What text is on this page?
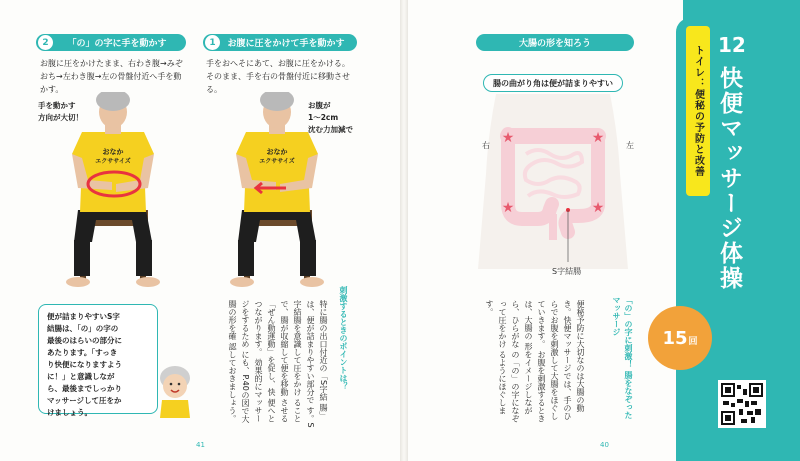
2	「の」の字に手を動かす
お腹に圧をかけたまま、右わき腹→みぞ
おち→左わき腹→左の骨盤付近へ手を動
かす。
1	お腹に圧をかけて手を動かす
手をおへそにあて、お腹に圧をかける。
そのまま、手を右の骨盤付近に移動させ
る。
おなか
エクササイズ
手を動かす
方向が大切！
おなか
エクササイズ
お腹が
1〜2cm
沈む力加減で
便が詰まりやすいS字
結腸は、「の」の字の
最後のはらいの部分に
あたります。「すっき
り快便になりますよう
に！」と意識しなが
ら、最後までしっかり
マッサージして圧をか
けましょう。
刺激するときのポイントは？
特に腸の出口付近の「S字結 腸」は、便が詰まりやすい部分で す。S字結腸を意識して圧をかけ ることで、腸が収縮して便を移動 させる「ぜん動運動」を促し、快 便へとつながります。 効果的にマッサージをするため にも、P.40の図で大腸の形を確 認しておきましょう。
41
大腸の形を知ろう
腸の曲がり角は便が詰まりやすい
★	★
★	★
右	左
S字結腸
「の」の字に刺激！ 腸をなぞったマッサージ
便秘予防に大切なのは大腸の動 き。快便マッサージでは、手のひ らでお腹を刺激して大腸をほぐし ていきます。 お腹を刺激するときは、大腸の 形をイメージしながら、ひらがな の「の」の字になぞって圧をかけ るようにほぐします。
40
トイレ：便秘の予防と改善 12
快便マッサージ体操
15 回
